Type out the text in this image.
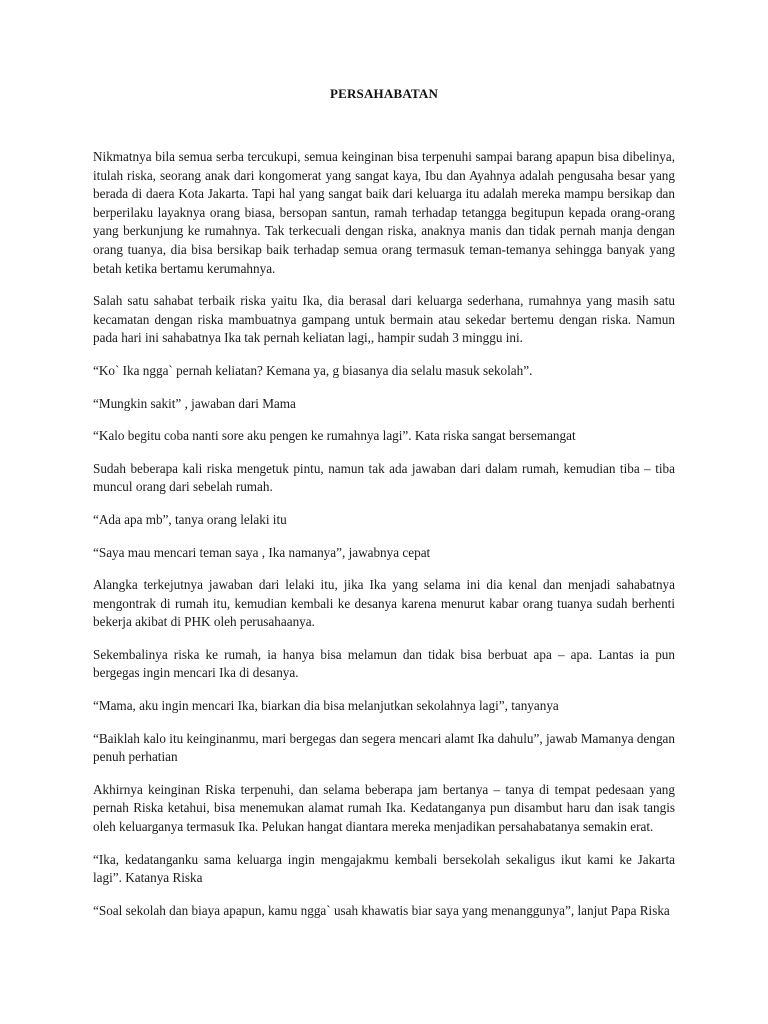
PERSAHABATAN

Nikmatnya bila semua serba tercukupi, semua keinginan bisa terpenuhi sampai barang apapun bisa dibelinya, itulah riska, seorang anak dari kongomerat yang sangat kaya, Ibu dan Ayahnya adalah pengusaha besar yang berada di daera Kota Jakarta. Tapi hal yang sangat baik dari keluarga itu adalah mereka mampu bersikap dan berperilaku layaknya orang biasa, bersopan santun, ramah terhadap tetangga begitupun kepada orang-orang yang berkunjung ke rumahnya. Tak terkecuali dengan riska, anaknya manis dan tidak pernah manja dengan orang tuanya, dia bisa bersikap baik terhadap semua orang termasuk teman-temanya sehingga banyak yang betah ketika bertamu kerumahnya.

Salah satu sahabat terbaik riska yaitu Ika, dia berasal dari keluarga sederhana, rumahnya yang masih satu kecamatan dengan riska mambuatnya gampang untuk bermain atau sekedar bertemu dengan riska. Namun pada hari ini sahabatnya Ika tak pernah keliatan lagi,, hampir sudah 3 minggu ini.

“Ko` Ika ngga` pernah keliatan? Kemana ya, g biasanya dia selalu masuk sekolah”.

“Mungkin sakit” , jawaban dari Mama

“Kalo begitu coba nanti sore aku pengen ke rumahnya lagi”. Kata riska sangat bersemangat

Sudah beberapa kali riska mengetuk pintu, namun tak ada jawaban dari dalam rumah, kemudian tiba – tiba muncul orang dari sebelah rumah.

“Ada apa mb”, tanya orang lelaki itu

“Saya mau mencari teman saya , Ika namanya”, jawabnya cepat

Alangka terkejutnya jawaban dari lelaki itu, jika Ika yang selama ini dia kenal dan menjadi sahabatnya mengontrak di rumah itu, kemudian kembali ke desanya karena menurut kabar orang tuanya sudah berhenti bekerja akibat di PHK oleh perusahaanya.

Sekembalinya riska ke rumah, ia hanya bisa melamun dan tidak bisa berbuat apa – apa. Lantas ia pun bergegas ingin mencari Ika di desanya.

“Mama, aku ingin mencari Ika, biarkan dia bisa melanjutkan sekolahnya lagi”, tanyanya

“Baiklah kalo itu keinginanmu, mari bergegas dan segera mencari alamt Ika dahulu”, jawab Mamanya dengan penuh perhatian

Akhirnya keinginan Riska terpenuhi, dan selama beberapa jam bertanya – tanya di tempat pedesaan yang pernah Riska ketahui, bisa menemukan alamat rumah Ika. Kedatanganya pun disambut haru dan isak tangis oleh keluarganya termasuk Ika. Pelukan hangat diantara mereka menjadikan persahabatanya semakin erat.

“Ika, kedatanganku sama keluarga ingin mengajakmu kembali bersekolah sekaligus ikut kami ke Jakarta lagi”. Katanya Riska

“Soal sekolah dan biaya apapun, kamu ngga` usah khawatis biar saya yang menanggunya”, lanjut Papa Riska
